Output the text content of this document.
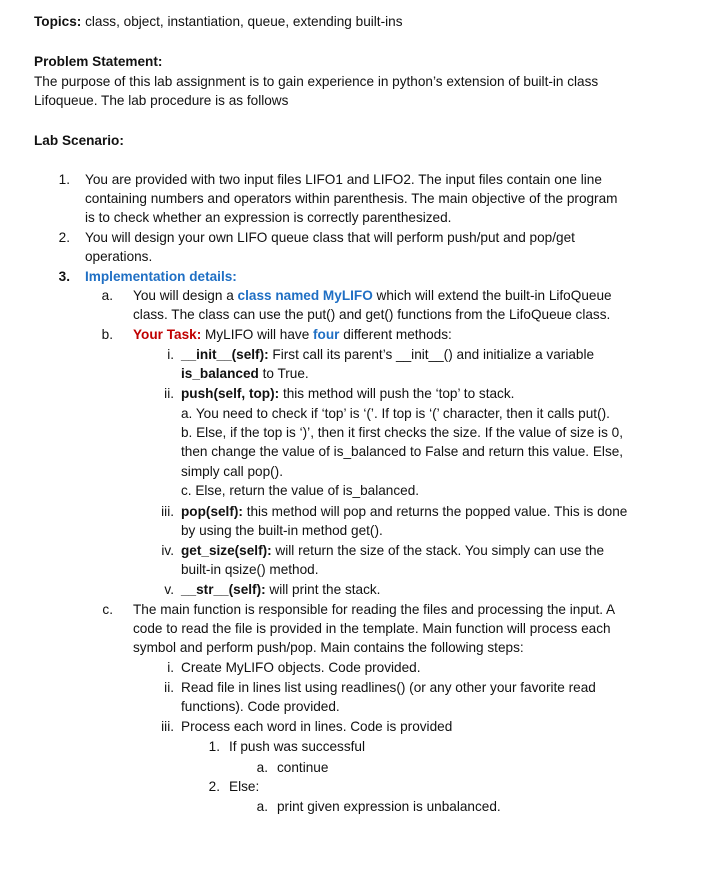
Topics: class, object, instantiation, queue, extending built-ins
Problem Statement:
The purpose of this lab assignment is to gain experience in python’s extension of built-in class
Lifoqueue. The lab procedure is as follows
Lab Scenario:
1. You are provided with two input files LIFO1 and LIFO2. The input files contain one line
containing numbers and operators within parenthesis. The main objective of the program
is to check whether an expression is correctly parenthesized.
2. You will design your own LIFO queue class that will perform push/put and pop/get
operations.
3. Implementation details:
a. You will design a class named MyLIFO which will extend the built-in LifoQueue
class. The class can use the put() and get() functions from the LifoQueue class.
b. Your Task: MyLIFO will have four different methods:
i. __init__(self): First call its parent’s __init__() and initialize a variable
is_balanced to True.
ii. push(self, top): this method will push the ‘top’ to stack.
a. You need to check if ‘top’ is ‘(’. If top is ‘(’ character, then it calls put().
b. Else, if the top is ‘)’, then it first checks the size. If the value of size is 0,
then change the value of is_balanced to False and return this value. Else,
simply call pop().
c. Else, return the value of is_balanced.
iii. pop(self): this method will pop and returns the popped value. This is done
by using the built-in method get().
iv. get_size(self): will return the size of the stack. You simply can use the
built-in qsize() method.
v. __str__(self): will print the stack.
c. The main function is responsible for reading the files and processing the input. A
code to read the file is provided in the template. Main function will process each
symbol and perform push/pop. Main contains the following steps:
i. Create MyLIFO objects. Code provided.
ii. Read file in lines list using readlines() (or any other your favorite read
functions). Code provided.
iii. Process each word in lines. Code is provided
1. If push was successful
a. continue
2. Else:
a. print given expression is unbalanced.
